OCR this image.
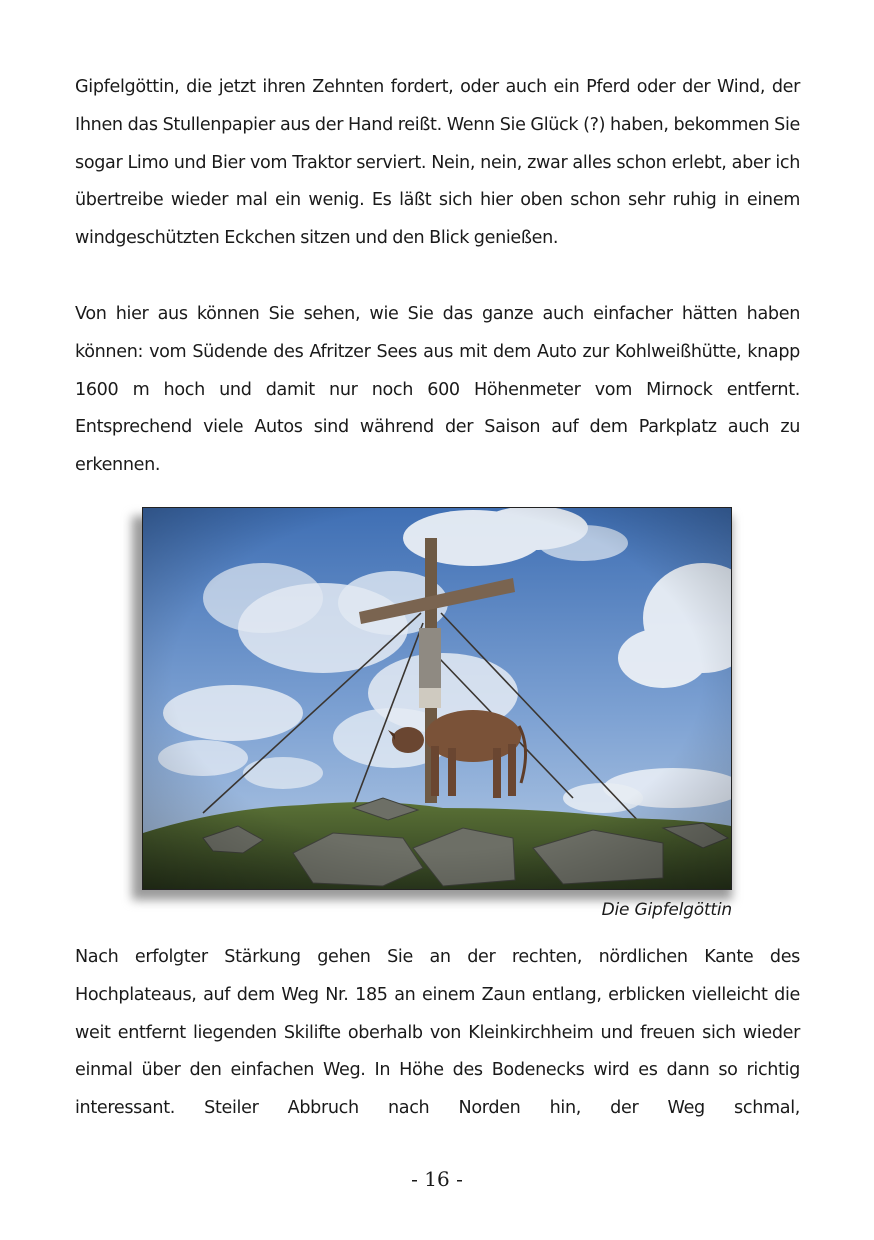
Gipfelgöttin, die jetzt ihren Zehnten fordert, oder auch ein Pferd oder der Wind, der Ihnen das Stullenpapier aus der Hand reißt. Wenn Sie Glück (?) haben, bekommen Sie sogar Limo und Bier vom Traktor serviert. Nein, nein, zwar alles schon erlebt, aber ich übertreibe wieder mal ein wenig. Es läßt sich hier oben schon sehr ruhig in einem windgeschützten Eckchen sitzen und den Blick genießen.

Von hier aus können Sie sehen, wie Sie das ganze auch einfacher hätten haben können: vom Südende des Afritzer Sees aus mit dem Auto zur Kohlweißhütte, knapp 1600 m hoch und damit nur noch 600 Höhenmeter vom Mirnock entfernt. Entsprechend viele Autos sind während der Saison auf dem Parkplatz auch zu erkennen.

Die Gipfelgöttin

Nach erfolgter Stärkung gehen Sie an der rechten, nördlichen Kante des Hochplateaus, auf dem Weg Nr. 185 an einem Zaun entlang, erblicken vielleicht die weit entfernt liegenden Skilifte oberhalb von Kleinkirchheim und freuen sich wieder einmal über den einfachen Weg. In Höhe des Bodenecks wird es dann so richtig interessant. Steiler Abbruch nach Norden hin, der Weg schmal,

- 16 -
